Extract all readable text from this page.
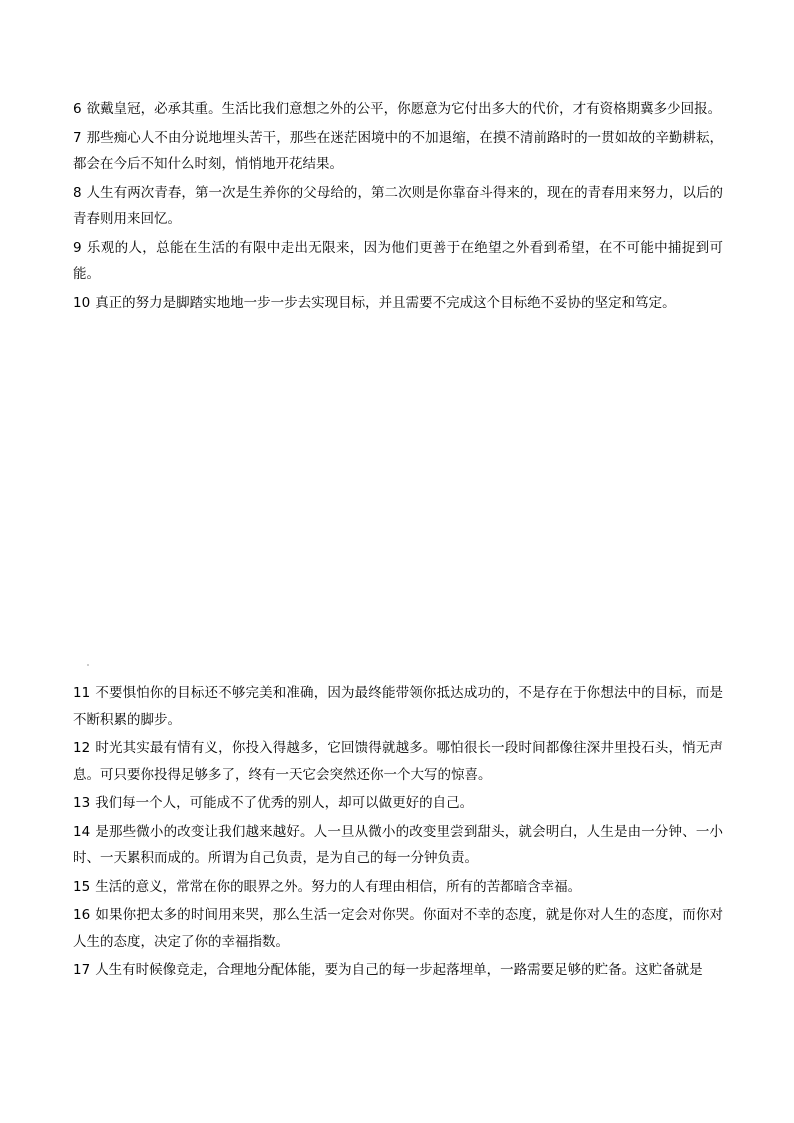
6 欲戴皇冠，必承其重。生活比我们意想之外的公平，你愿意为它付出多大的代价，才有资格期冀多少回报。

7 那些痴心人不由分说地埋头苦干，那些在迷茫困境中的不加退缩，在摸不清前路时的一贯如故的辛勤耕耘，都会在今后不知什么时刻，悄悄地开花结果。

8 人生有两次青春，第一次是生养你的父母给的，第二次则是你靠奋斗得来的，现在的青春用来努力，以后的青春则用来回忆。

9 乐观的人，总能在生活的有限中走出无限来，因为他们更善于在绝望之外看到希望，在不可能中捕捉到可能。

10 真正的努力是脚踏实地地一步一步去实现目标，并且需要不完成这个目标绝不妥协的坚定和笃定。

11 不要惧怕你的目标还不够完美和准确，因为最终能带领你抵达成功的，不是存在于你想法中的目标，而是不断积累的脚步。

12 时光其实最有情有义，你投入得越多，它回馈得就越多。哪怕很长一段时间都像往深井里投石头，悄无声息。可只要你投得足够多了，终有一天它会突然还你一个大写的惊喜。

13 我们每一个人，可能成不了优秀的别人，却可以做更好的自己。

14 是那些微小的改变让我们越来越好。人一旦从微小的改变里尝到甜头，就会明白，人生是由一分钟、一小时、一天累积而成的。所谓为自己负责，是为自己的每一分钟负责。

15 生活的意义，常常在你的眼界之外。努力的人有理由相信，所有的苦都暗含幸福。

16 如果你把太多的时间用来哭，那么生活一定会对你哭。你面对不幸的态度，就是你对人生的态度，而你对人生的态度，决定了你的幸福指数。

17 人生有时候像竞走，合理地分配体能，要为自己的每一步起落埋单，一路需要足够的贮备。这贮备就是
